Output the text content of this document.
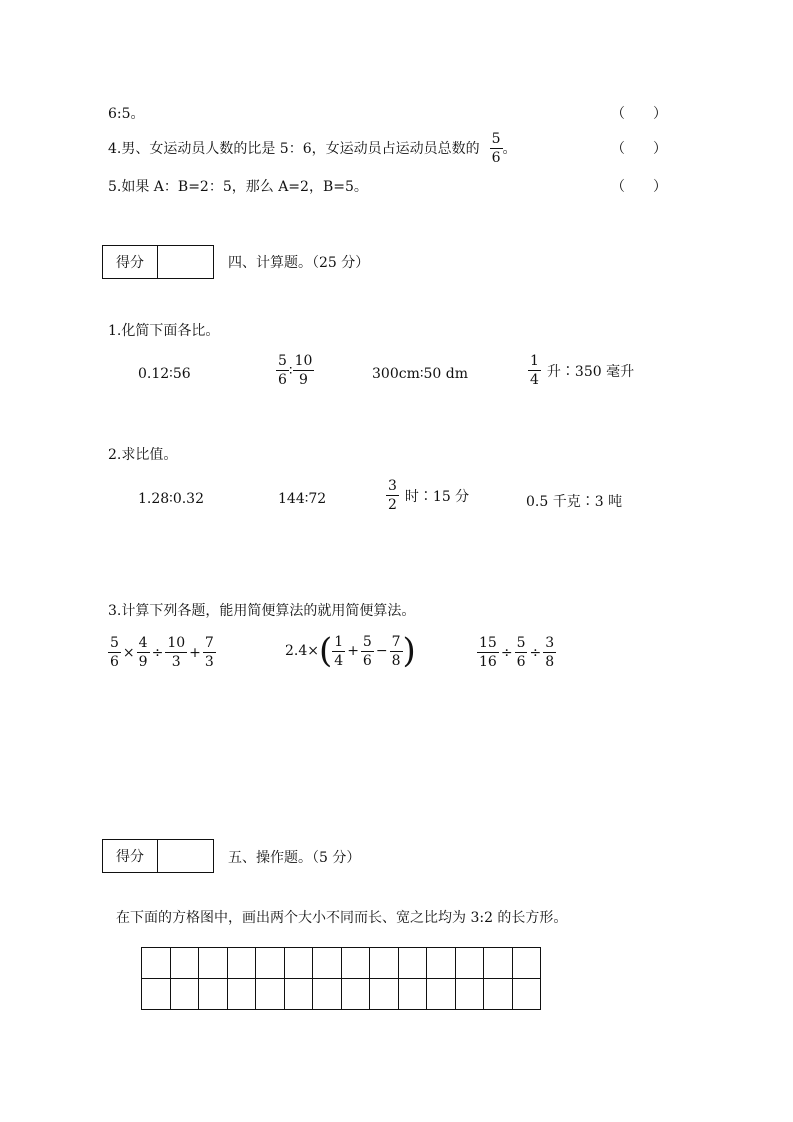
6:5。	（　　）
4.男、女运动员人数的比是 5：6，女运动员占运动员总数的 $\frac{5}{6}$ 。	（　　）
5.如果 A：B=2：5，那么 A=2，B=5。	（　　）
得分	四、计算题。（25 分）
1.化简下面各比。
0.12∶56	$\frac{5}{6}$ ∶ $\frac{10}{9}$	300cm∶50 dm	$\frac{1}{4}$ 升∶350 毫升
2.求比值。
1.28∶0.32	144∶72	$\frac{3}{2}$ 时∶15 分	0.5 千克∶3 吨
3.计算下列各题，能用简便算法的就用简便算法。
$\frac{5}{6} \times \frac{4}{9} \div \frac{10}{3} + \frac{7}{3}$	2.4× ( $\frac{1}{4} + \frac{5}{6} - \frac{7}{8}$ )	$\frac{15}{16} \div \frac{5}{6} \div \frac{3}{8}$
得分	五、操作题。（5 分）
在下面的方格图中，画出两个大小不同而长、宽之比均为 3:2 的长方形。
